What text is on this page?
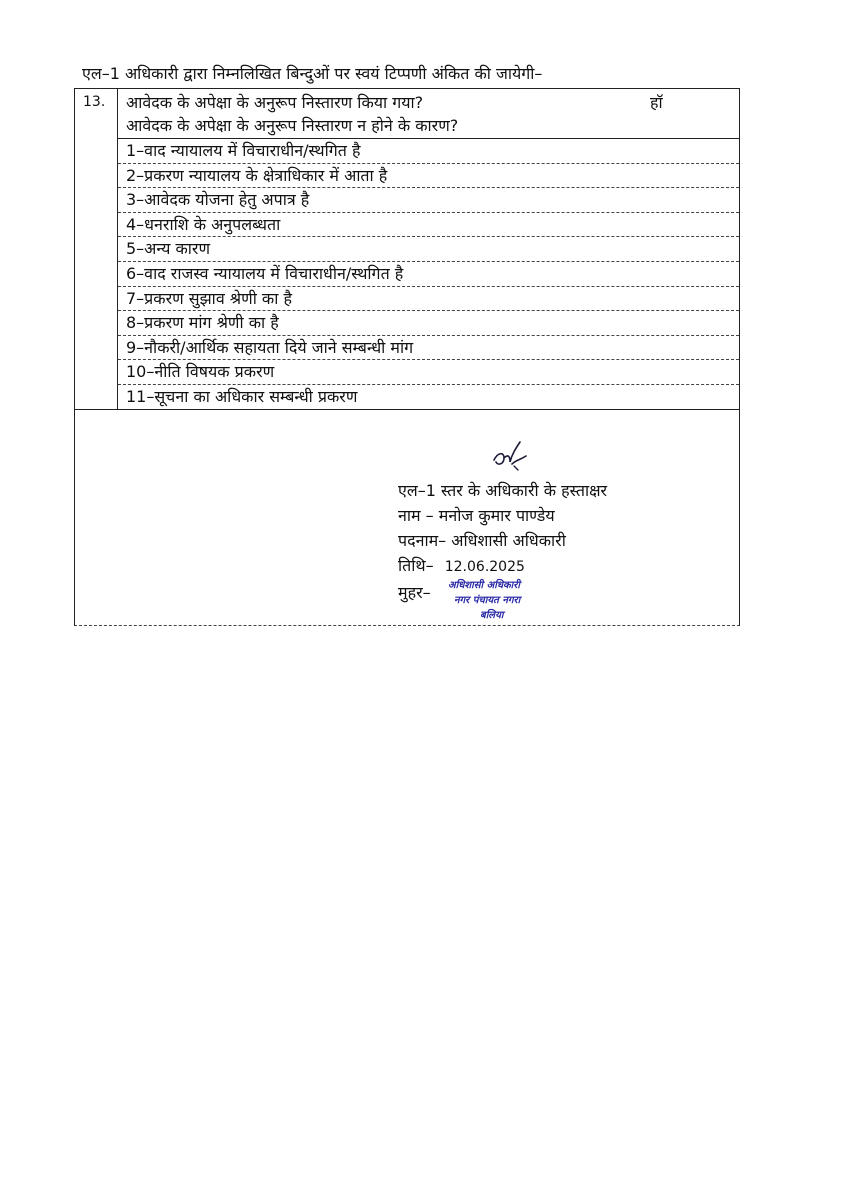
एल–1 अधिकारी द्वारा निम्नलिखित बिन्दुओं पर स्वयं टिप्पणी अंकित की जायेगी–
13. आवेदक के अपेक्षा के अनुरूप निस्तारण किया गया?	हॉ
आवेदक के अपेक्षा के अनुरूप निस्तारण न होने के कारण?
1–वाद न्यायालय में विचाराधीन/स्थगित है
2–प्रकरण न्यायालय के क्षेत्राधिकार में आता है
3–आवेदक योजना हेतु अपात्र है
4–धनराशि के अनुपलब्धता
5–अन्य कारण
6–वाद राजस्व न्यायालय में विचाराधीन/स्थगित है
7–प्रकरण सुझाव श्रेणी का है
8–प्रकरण मांग श्रेणी का है
9–नौकरी/आर्थिक सहायता दिये जाने सम्बन्धी मांग
10–नीति विषयक प्रकरण
11–सूचना का अधिकार सम्बन्धी प्रकरण
एल–1 स्तर के अधिकारी के हस्ताक्षर
नाम – मनोज कुमार पाण्डेय
पदनाम– अधिशासी अधिकारी
तिथि– 12.06.2025
मुहर–	अधिशासी अधिकारी
नगर पंचायत नगरा
बलिया
